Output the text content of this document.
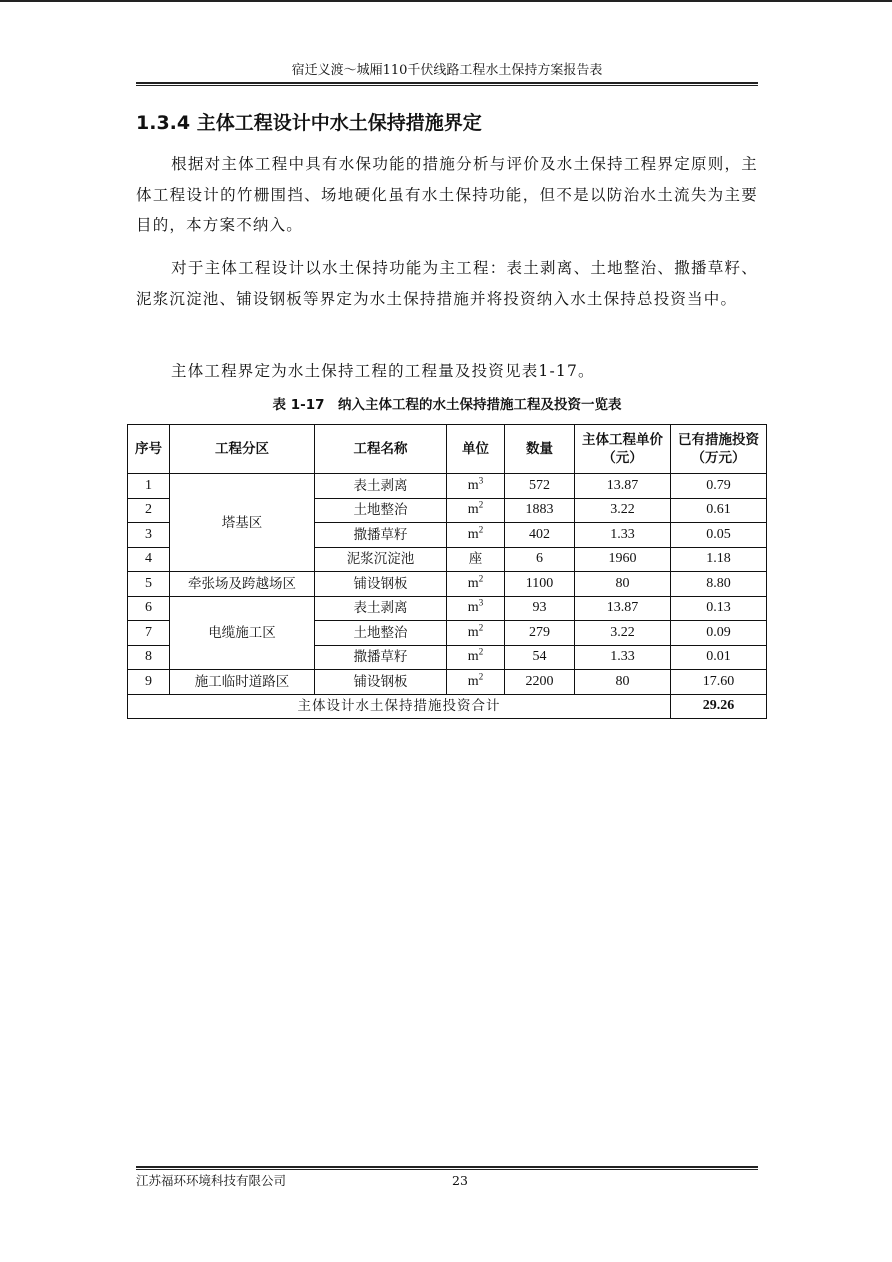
宿迁义渡～城厢110千伏线路工程水土保持方案报告表
1.3.4 主体工程设计中水土保持措施界定

根据对主体工程中具有水保功能的措施分析与评价及水土保持工程界定原则，主体工程设计的竹栅围挡、场地硬化虽有水土保持功能，但不是以防治水土流失为主要目的，本方案不纳入。

对于主体工程设计以水土保持功能为主工程：表土剥离、土地整治、撒播草籽、泥浆沉淀池、铺设钢板等界定为水土保持措施并将投资纳入水土保持总投资当中。

主体工程界定为水土保持工程的工程量及投资见表1-17。

表 1-17　纳入主体工程的水土保持措施工程及投资一览表
序号	工程分区	工程名称	单位	数量	主体工程单价（元）	已有措施投资（万元）
1	塔基区	表土剥离	$m^3$	572	13.87	0.79
2		土地整治	$m^2$	1883	3.22	0.61
3		撒播草籽	$m^2$	402	1.33	0.05
4		泥浆沉淀池	座	6	1960	1.18
5	牵张场及跨越场区	铺设钢板	$m^2$	1100	80	8.80
6	电缆施工区	表土剥离	$m^3$	93	13.87	0.13
7		土地整治	$m^2$	279	3.22	0.09
8		撒播草籽	$m^2$	54	1.33	0.01
9	施工临时道路区	铺设钢板	$m^2$	2200	80	17.60
主体设计水土保持措施投资合计						29.26
江苏福环环境科技有限公司	23
